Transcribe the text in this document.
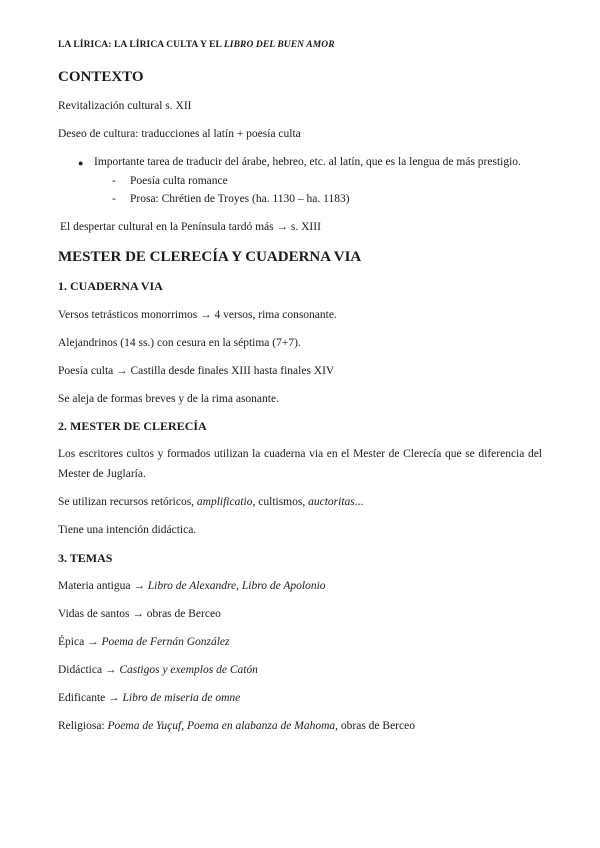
LA LÍRICA: LA LÍRICA CULTA Y EL LIBRO DEL BUEN AMOR
CONTEXTO
Revitalización cultural s. XII
Deseo de cultura: traducciones al latín + poesía culta
● Importante tarea de traducir del árabe, hebreo, etc. al latín, que es la lengua de más prestigio.
- Poesía culta romance
- Prosa: Chrétien de Troyes (ha. 1130 – ha. 1183)
El despertar cultural en la Península tardó más → s. XIII
MESTER DE CLERECÍA Y CUADERNA VIA
1. CUADERNA VIA
Versos tetrásticos monorrimos → 4 versos, rima consonante.
Alejandrinos (14 ss.) con cesura en la séptima (7+7).
Poesía culta → Castilla desde finales XIII hasta finales XIV
Se aleja de formas breves y de la rima asonante.
2. MESTER DE CLERECÍA
Los escritores cultos y formados utilizan la cuaderna via en el Mester de Clerecía que se diferencia del
Mester de Juglaría.
Se utilizan recursos retóricos, amplificatio, cultismos, auctoritas...
Tiene una intención didáctica.
3. TEMAS
Materia antigua → Libro de Alexandre, Libro de Apolonio
Vidas de santos → obras de Berceo
Épica → Poema de Fernán González
Didáctica → Castigos y exemplos de Catón
Edificante → Libro de miseria de omne
Religiosa: Poema de Yuçuf, Poema en alabanza de Mahoma, obras de Berceo
